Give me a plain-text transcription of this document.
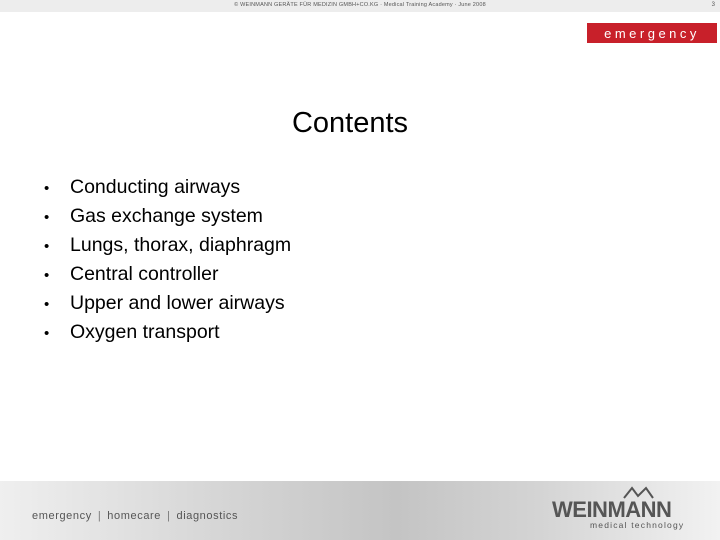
© WEINMANN GERÄTE FÜR MEDIZIN GMBH+CO.KG · Medical Training Academy · June 2008	3
emergency
Contents
•	Conducting airways
•	Gas exchange system
•	Lungs, thorax, diaphragm
•	Central controller
•	Upper and lower airways
•	Oxygen transport
emergency | homecare | diagnostics	WEINMANN
medical technology
